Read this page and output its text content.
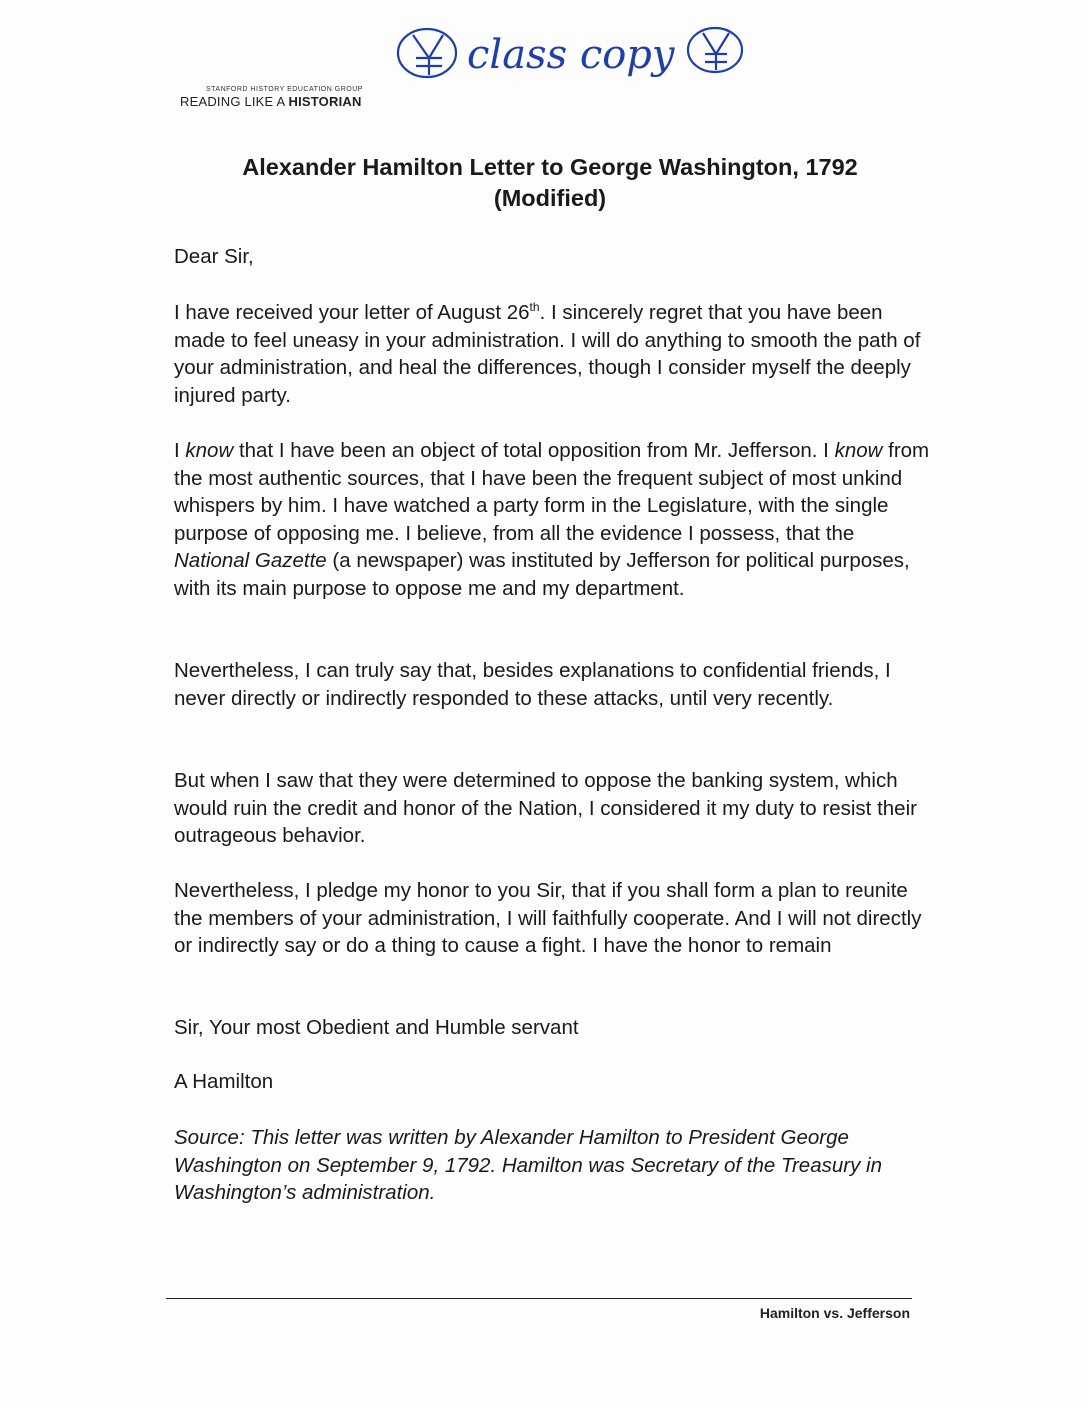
class copy
STANFORD HISTORY EDUCATION GROUP
READING LIKE A HISTORIAN
Alexander Hamilton Letter to George Washington, 1792
(Modified)
Dear Sir,
I have received your letter of August 26th. I sincerely regret that you have been made to feel uneasy in your administration. I will do anything to smooth the path of your administration, and heal the differences, though I consider myself the deeply injured party.
I know that I have been an object of total opposition from Mr. Jefferson. I know from the most authentic sources, that I have been the frequent subject of most unkind whispers by him. I have watched a party form in the Legislature, with the single purpose of opposing me. I believe, from all the evidence I possess, that the National Gazette (a newspaper) was instituted by Jefferson for political purposes, with its main purpose to oppose me and my department.
Nevertheless, I can truly say that, besides explanations to confidential friends, I never directly or indirectly responded to these attacks, until very recently.
But when I saw that they were determined to oppose the banking system, which would ruin the credit and honor of the Nation, I considered it my duty to resist their outrageous behavior.
Nevertheless, I pledge my honor to you Sir, that if you shall form a plan to reunite the members of your administration, I will faithfully cooperate. And I will not directly or indirectly say or do a thing to cause a fight. I have the honor to remain
Sir, Your most Obedient and Humble servant
A Hamilton
Source: This letter was written by Alexander Hamilton to President George Washington on September 9, 1792. Hamilton was Secretary of the Treasury in Washington’s administration.
Hamilton vs. Jefferson
